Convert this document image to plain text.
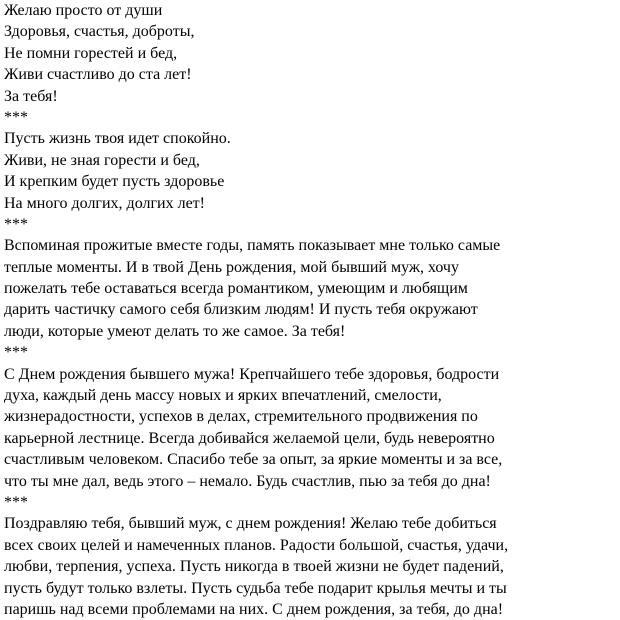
Желаю просто от души
Здоровья, счастья, доброты,
Не помни горестей и бед,
Живи счастливо до ста лет!
За тебя!
***
Пусть жизнь твоя идет спокойно.
Живи, не зная горести и бед,
И крепким будет пусть здоровье
На много долгих, долгих лет!
***
Вспоминая прожитые вместе годы, память показывает мне только самые
теплые моменты. И в твой День рождения, мой бывший муж, хочу
пожелать тебе оставаться всегда романтиком, умеющим и любящим
дарить частичку самого себя близким людям! И пусть тебя окружают
люди, которые умеют делать то же самое. За тебя!
***
С Днем рождения бывшего мужа! Крепчайшего тебе здоровья, бодрости
духа, каждый день массу новых и ярких впечатлений, смелости,
жизнерадостности, успехов в делах, стремительного продвижения по
карьерной лестнице. Всегда добивайся желаемой цели, будь невероятно
счастливым человеком. Спасибо тебе за опыт, за яркие моменты и за все,
что ты мне дал, ведь этого – немало. Будь счастлив, пью за тебя до дна!
***
Поздравляю тебя, бывший муж, с днем рождения! Желаю тебе добиться
всех своих целей и намеченных планов. Радости большой, счастья, удачи,
любви, терпения, успеха. Пусть никогда в твоей жизни не будет падений,
пусть будут только взлеты. Пусть судьба тебе подарит крылья мечты и ты
паришь над всеми проблемами на них. С днем рождения, за тебя, до дна!
